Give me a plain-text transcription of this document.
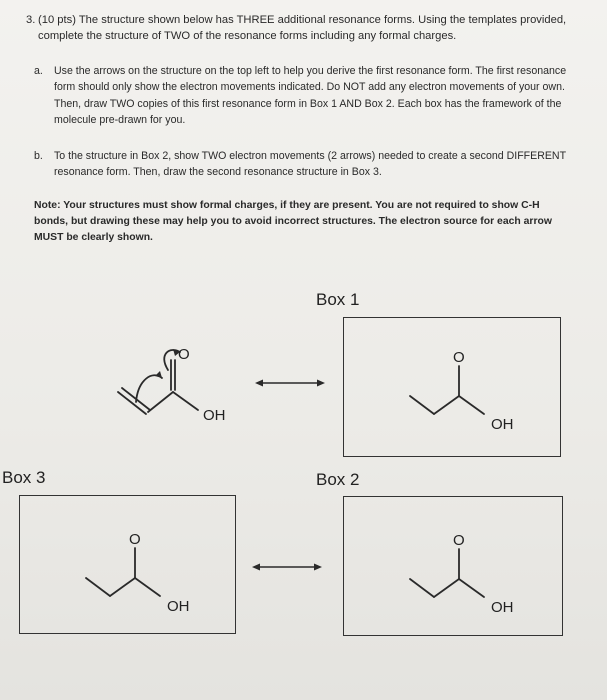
3. (10 pts) The structure shown below has THREE additional resonance forms. Using the templates provided, complete the structure of TWO of the resonance forms including any formal charges.
a.	Use the arrows on the structure on the top left to help you derive the first resonance form. The first resonance form should only show the electron movements indicated. Do NOT add any electron movements of your own. Then, draw TWO copies of this first resonance form in Box 1 AND Box 2. Each box has the framework of the molecule pre-drawn for you.
b.	To the structure in Box 2, show TWO electron movements (2 arrows) needed to create a second DIFFERENT resonance form. Then, draw the second resonance structure in Box 3.
Note: Your structures must show formal charges, if they are present. You are not required to show C-H bonds, but drawing these may help you to avoid incorrect structures. The electron source for each arrow MUST be clearly shown.
O
OH
Box 1
O
OH
Box 3
O
OH
Box 2
O
OH
